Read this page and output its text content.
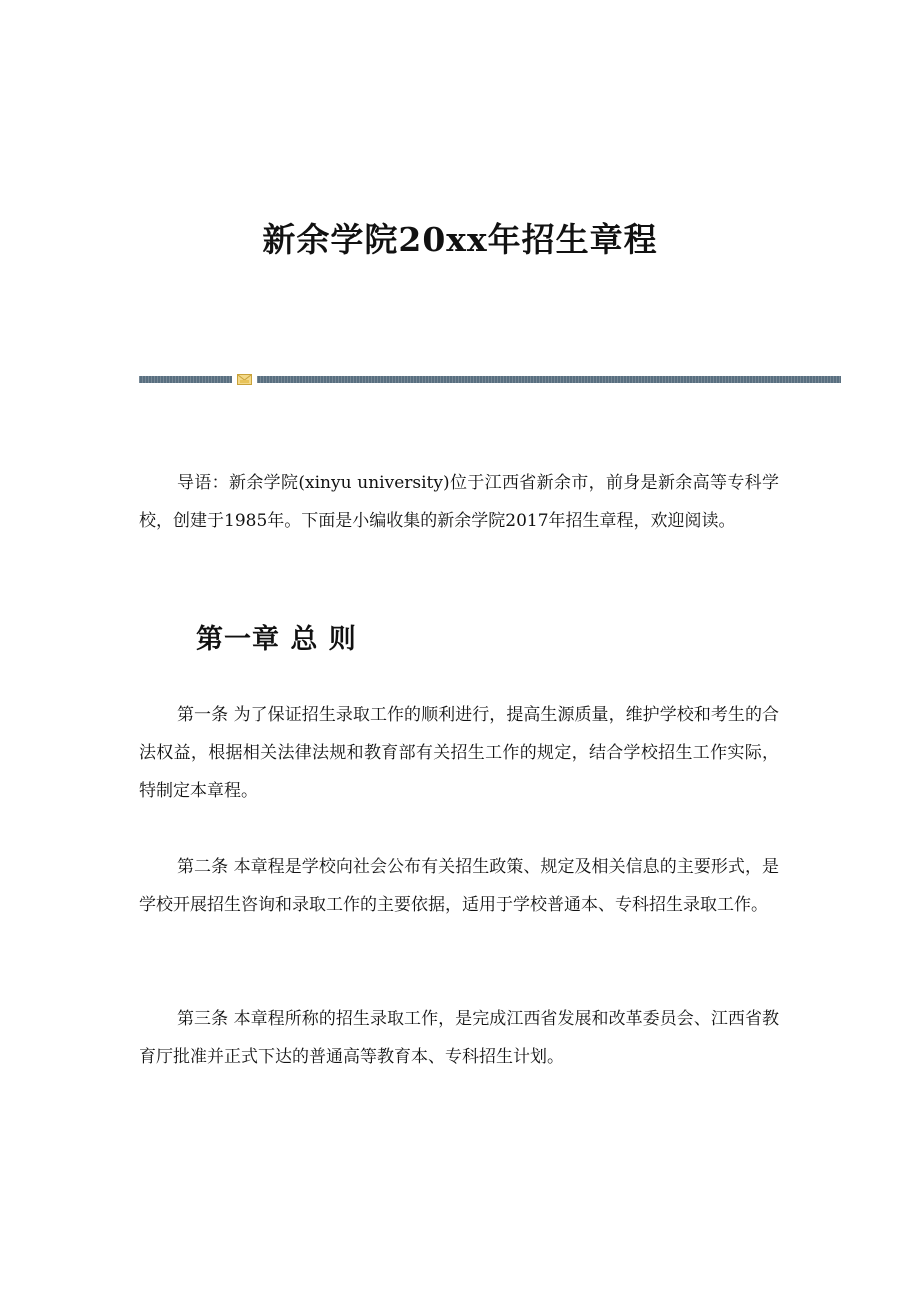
新余学院20xx年招生章程

导语：新余学院(xinyu university)位于江西省新余市，前身是新余高等专科学校，创建于1985年。下面是小编收集的新余学院2017年招生章程，欢迎阅读。

第一章 总 则

第一条 为了保证招生录取工作的顺利进行，提高生源质量，维护学校和考生的合法权益，根据相关法律法规和教育部有关招生工作的规定，结合学校招生工作实际，特制定本章程。

第二条 本章程是学校向社会公布有关招生政策、规定及相关信息的主要形式，是学校开展招生咨询和录取工作的主要依据，适用于学校普通本、专科招生录取工作。

第三条 本章程所称的招生录取工作，是完成江西省发展和改革委员会、江西省教育厅批准并正式下达的普通高等教育本、专科招生计划。
